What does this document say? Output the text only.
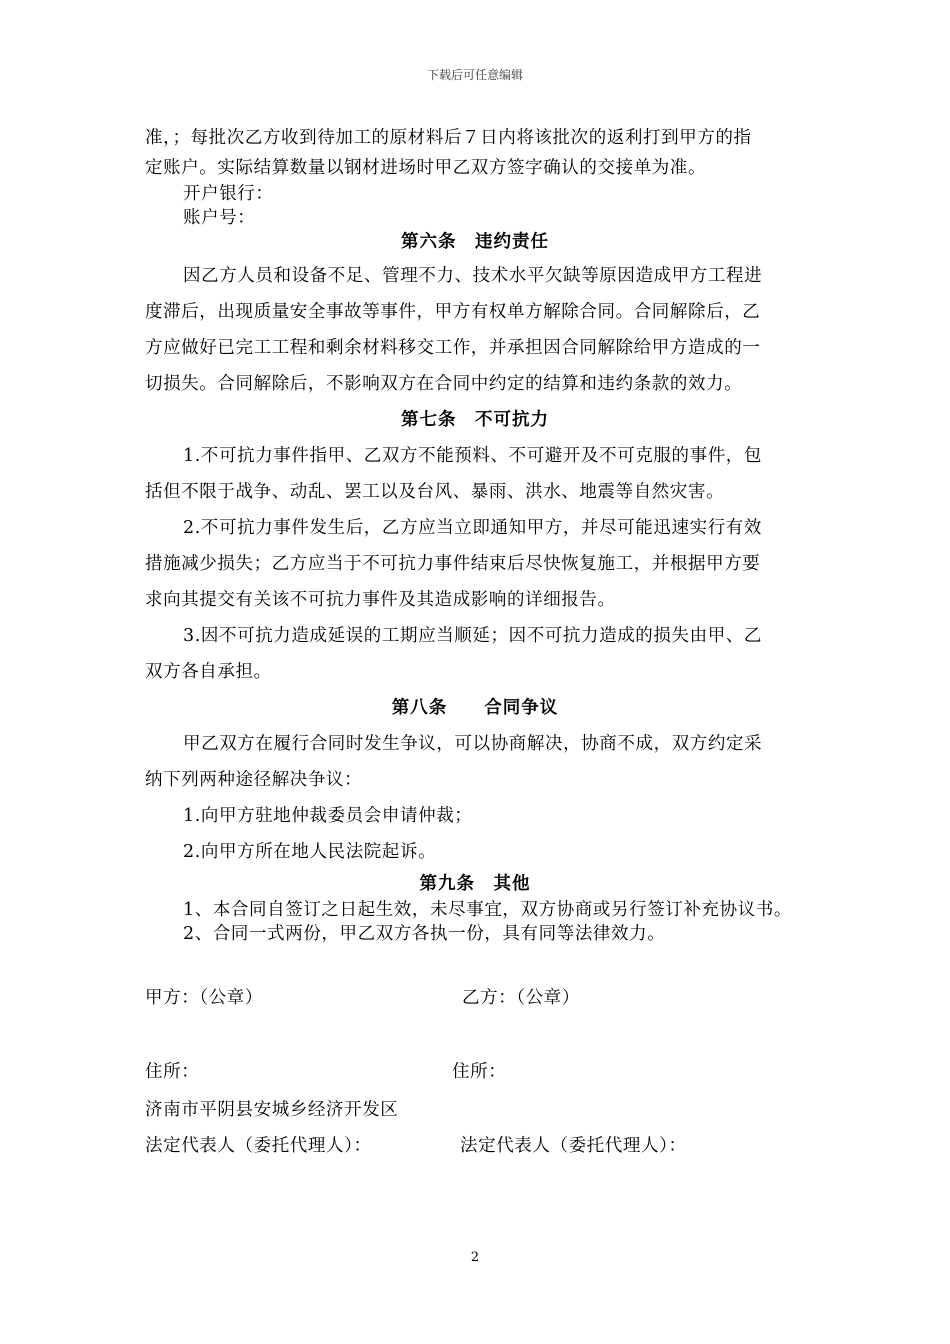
下载后可任意编辑
准，；每批次乙方收到待加工的原材料后７日内将该批次的返利打到甲方的指
定账户。实际结算数量以钢材进场时甲乙双方签字确认的交接单为准。
开户银行：
账户号：
第六条　违约责任
因乙方人员和设备不足、管理不力、技术水平欠缺等原因造成甲方工程进
度滞后，出现质量安全事故等事件，甲方有权单方解除合同。合同解除后，乙
方应做好已完工工程和剩余材料移交工作，并承担因合同解除给甲方造成的一
切损失。合同解除后，不影响双方在合同中约定的结算和违约条款的效力。
第七条　不可抗力
1.不可抗力事件指甲、乙双方不能预料、不可避开及不可克服的事件，包
括但不限于战争、动乱、罢工以及台风、暴雨、洪水、地震等自然灾害。
2.不可抗力事件发生后，乙方应当立即通知甲方，并尽可能迅速实行有效
措施减少损失；乙方应当于不可抗力事件结束后尽快恢复施工，并根据甲方要
求向其提交有关该不可抗力事件及其造成影响的详细报告。
3.因不可抗力造成延误的工期应当顺延；因不可抗力造成的损失由甲、乙
双方各自承担。
第八条　　合同争议
甲乙双方在履行合同时发生争议，可以协商解决，协商不成，双方约定采
纳下列两种途径解决争议：
1.向甲方驻地仲裁委员会申请仲裁；
2.向甲方所在地人民法院起诉。
第九条　其他
1、本合同自签订之日起生效，未尽事宜，双方协商或另行签订补充协议书。
2、合同一式两份，甲乙双方各执一份，具有同等法律效力。
甲方：（公章）	乙方：（公章）
住所：	住所：
济南市平阴县安城乡经济开发区
法定代表人（委托代理人）：	法定代表人（委托代理人）：
2
